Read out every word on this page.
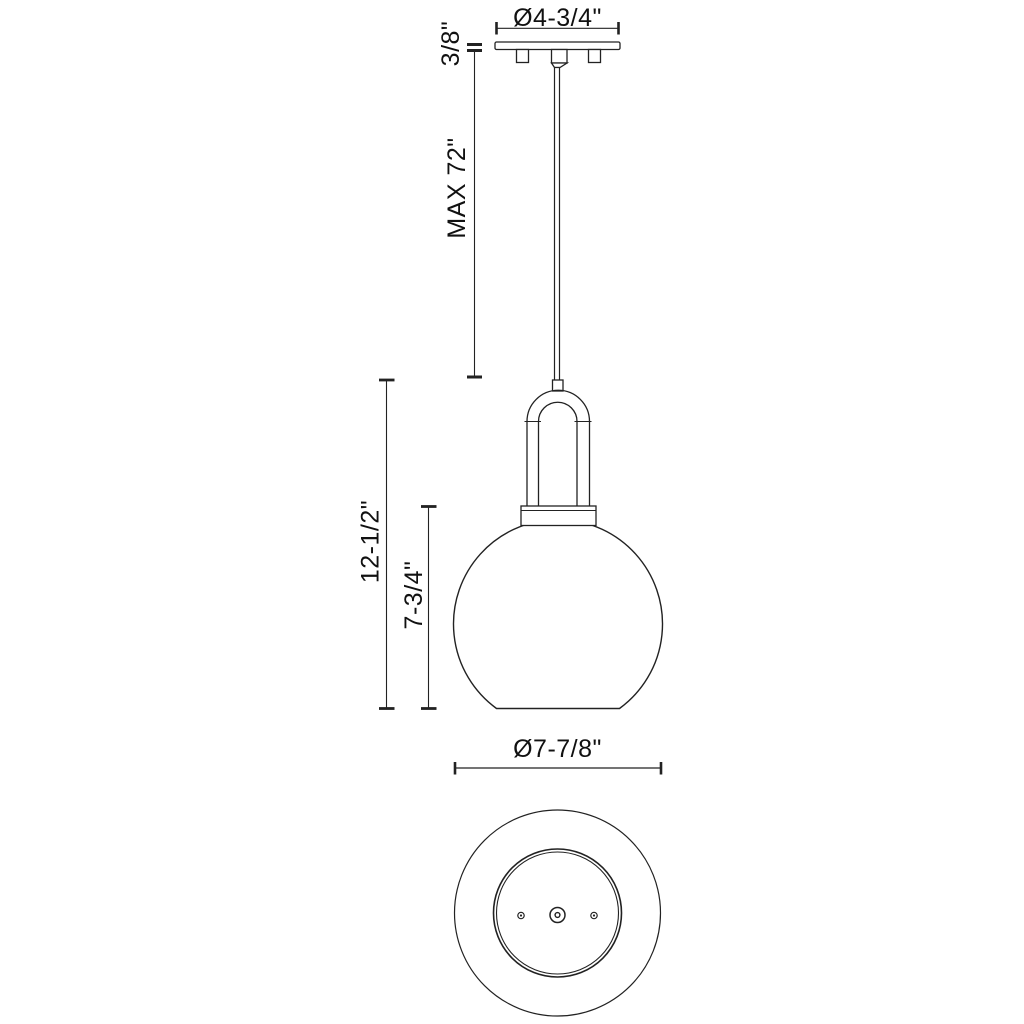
Ø4-3/4"
3/8"
MAX 72"
12-1/2"
7-3/4"
Ø7-7/8"
